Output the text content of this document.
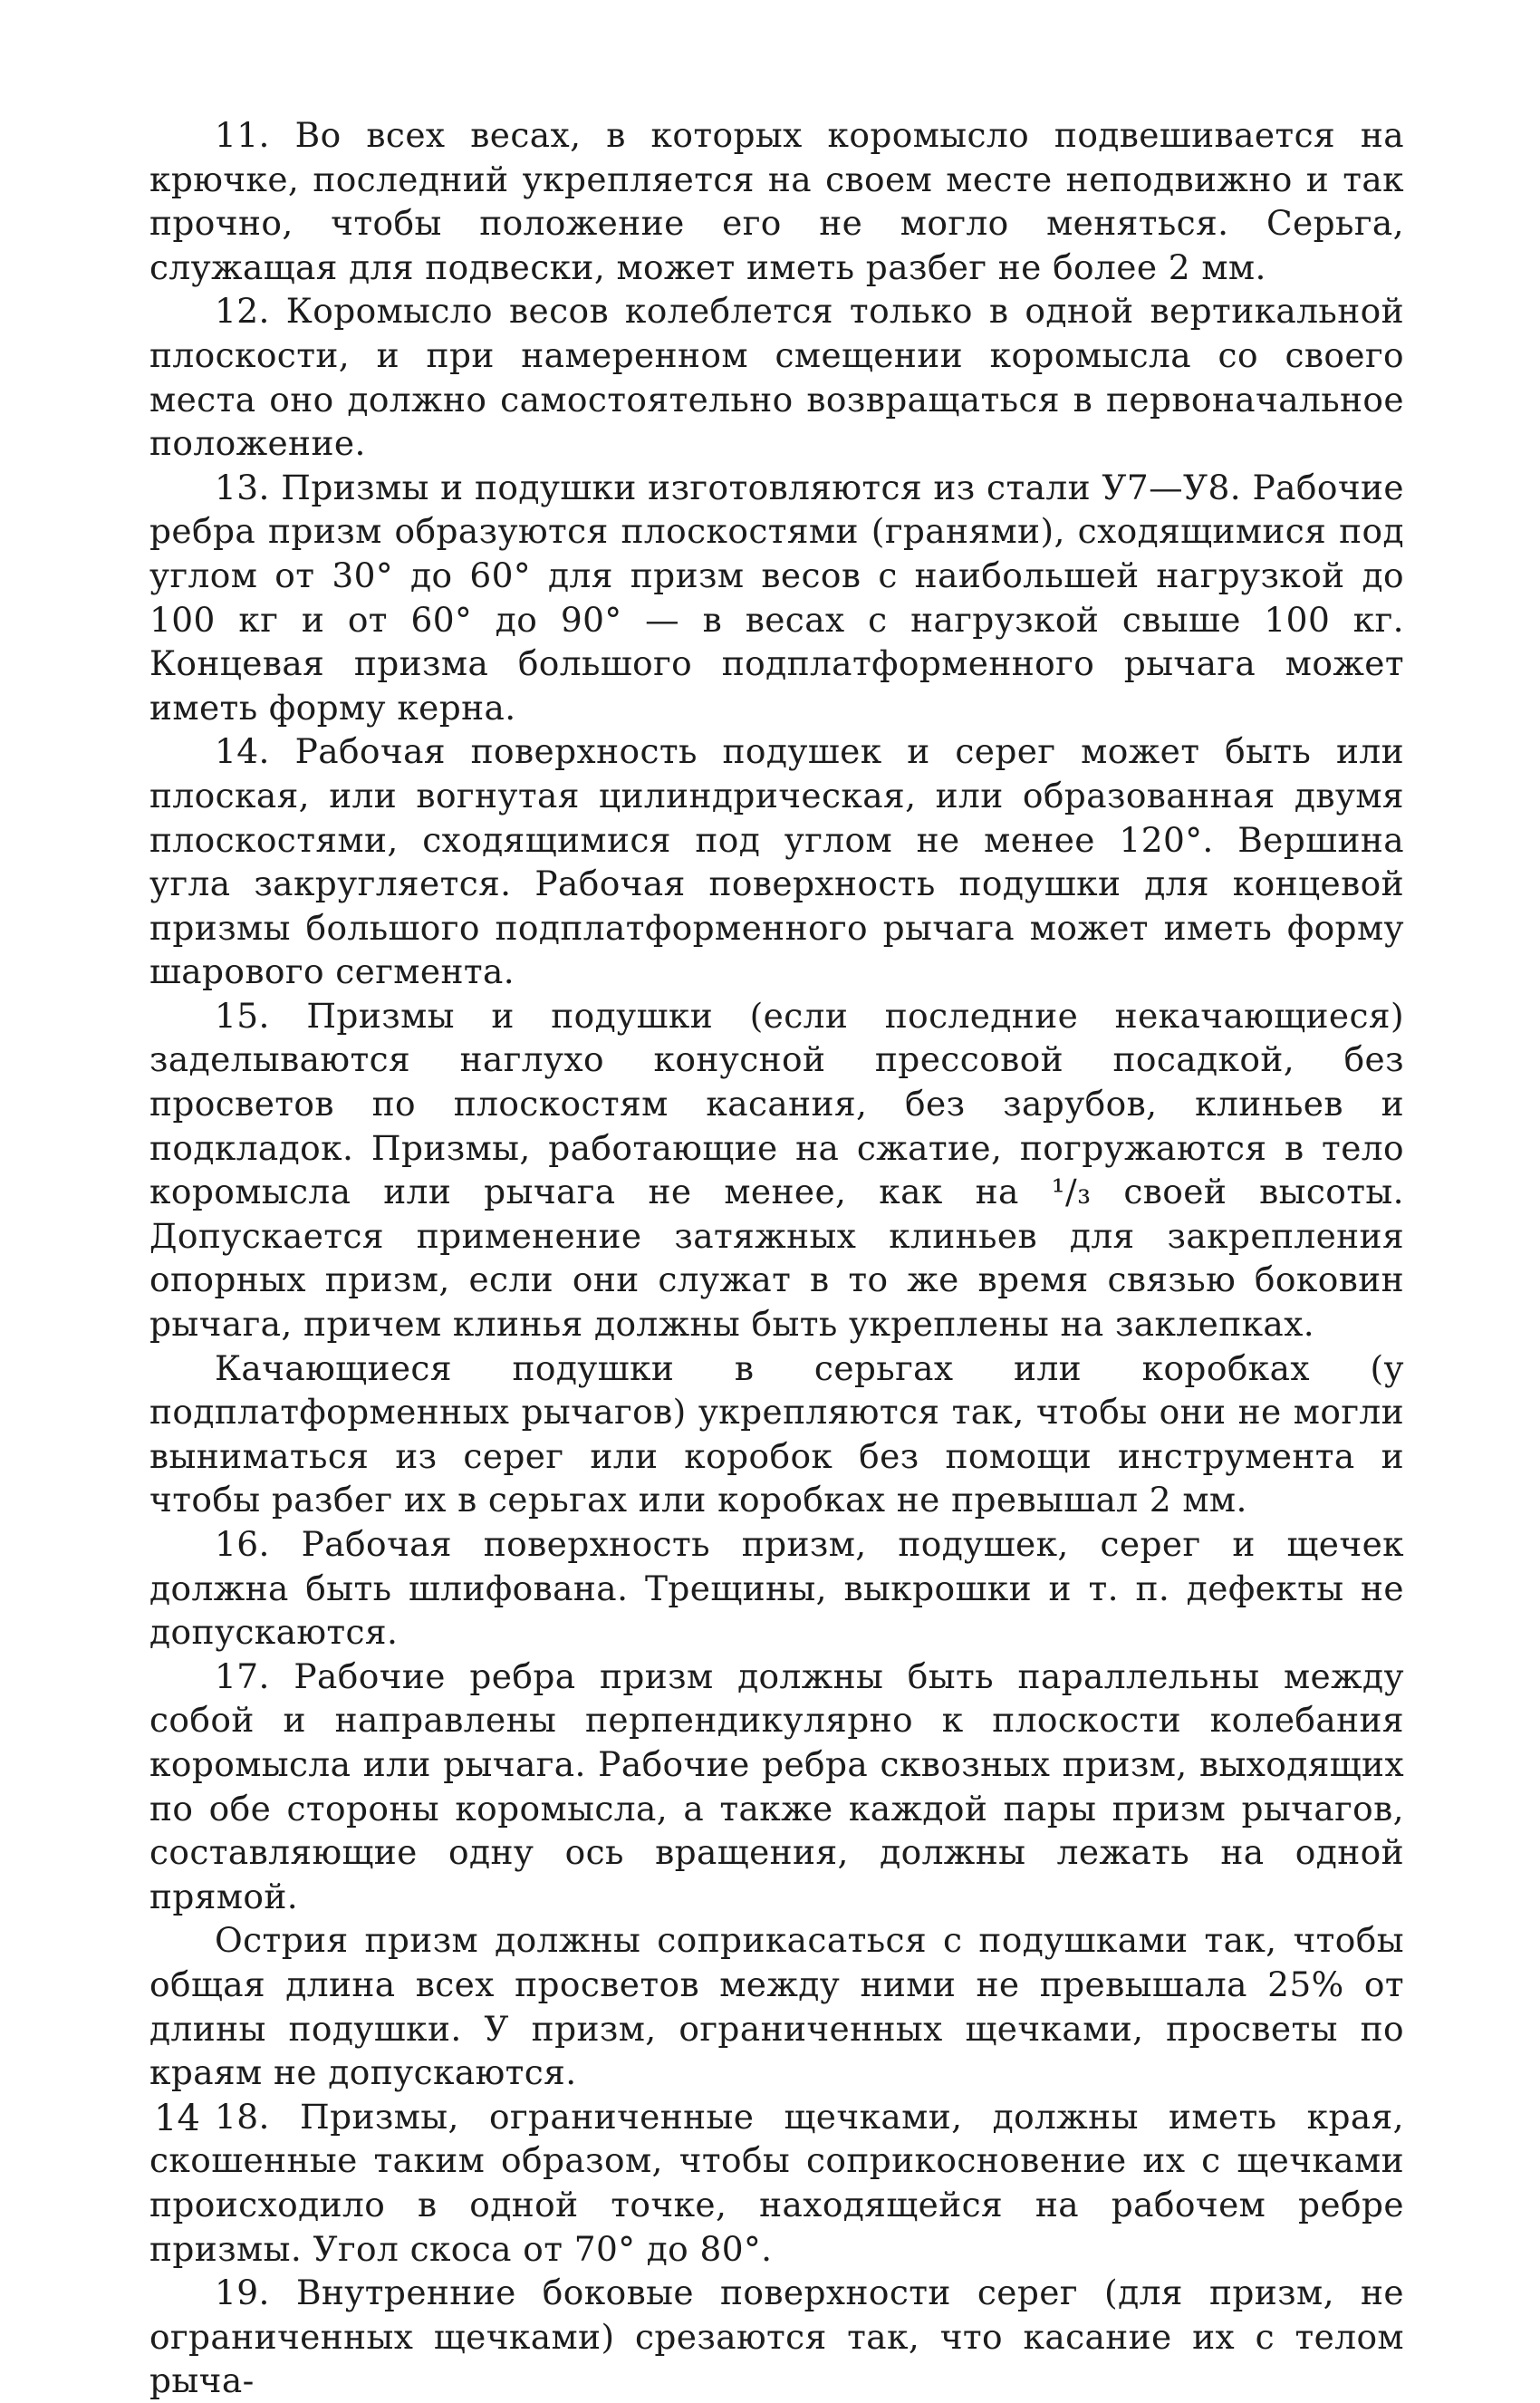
11. Во всех весах, в которых коромысло подвешивается на крючке, последний укрепляется на своем месте неподвижно и так прочно, чтобы положение его не могло меняться. Серьга, служащая для подвески, может иметь разбег не более 2 мм.

12. Коромысло весов колеблется только в одной вертикальной плоскости, и при намеренном смещении коромысла со своего места оно должно самостоятельно возвращаться в первоначальное положение.

13. Призмы и подушки изготовляются из стали У7—У8. Рабочие ребра призм образуются плоскостями (гранями), сходящимися под углом от 30° до 60° для призм весов с наибольшей нагрузкой до 100 кг и от 60° до 90° — в весах с нагрузкой свыше 100 кг. Концевая призма большого подплатформенного рычага может иметь форму керна.

14. Рабочая поверхность подушек и серег может быть или плоская, или вогнутая цилиндрическая, или образованная двумя плоскостями, сходящимися под углом не менее 120°. Вершина угла закругляется. Рабочая поверхность подушки для концевой призмы большого подплатформенного рычага может иметь форму шарового сегмента.

15. Призмы и подушки (если последние некачающиеся) заделываются наглухо конусной прессовой посадкой, без просветов по плоскостям касания, без зарубов, клиньев и подкладок. Призмы, работающие на сжатие, погружаются в тело коромысла или рычага не менее, как на ¹/₃ своей высоты. Допускается применение затяжных клиньев для закрепления опорных призм, если они служат в то же время связью боковин рычага, причем клинья должны быть укреплены на заклепках.

Качающиеся подушки в серьгах или коробках (у подплатформенных рычагов) укрепляются так, чтобы они не могли выниматься из серег или коробок без помощи инструмента и чтобы разбег их в серьгах или коробках не превышал 2 мм.

16. Рабочая поверхность призм, подушек, серег и щечек должна быть шлифована. Трещины, выкрошки и т. п. дефекты не допускаются.

17. Рабочие ребра призм должны быть параллельны между собой и направлены перпендикулярно к плоскости колебания коромысла или рычага. Рабочие ребра сквозных призм, выходящих по обе стороны коромысла, а также каждой пары призм рычагов, составляющие одну ось вращения, должны лежать на одной прямой.

Острия призм должны соприкасаться с подушками так, чтобы общая длина всех просветов между ними не превышала 25% от длины подушки. У призм, ограниченных щечками, просветы по краям не допускаются.

18. Призмы, ограниченные щечками, должны иметь края, скошенные таким образом, чтобы соприкосновение их с щечками происходило в одной точке, находящейся на рабочем ребре призмы. Угол скоса от 70° до 80°.

19. Внутренние боковые поверхности серег (для призм, не ограниченных щечками) срезаются так, что касание их с телом рыча-

14
